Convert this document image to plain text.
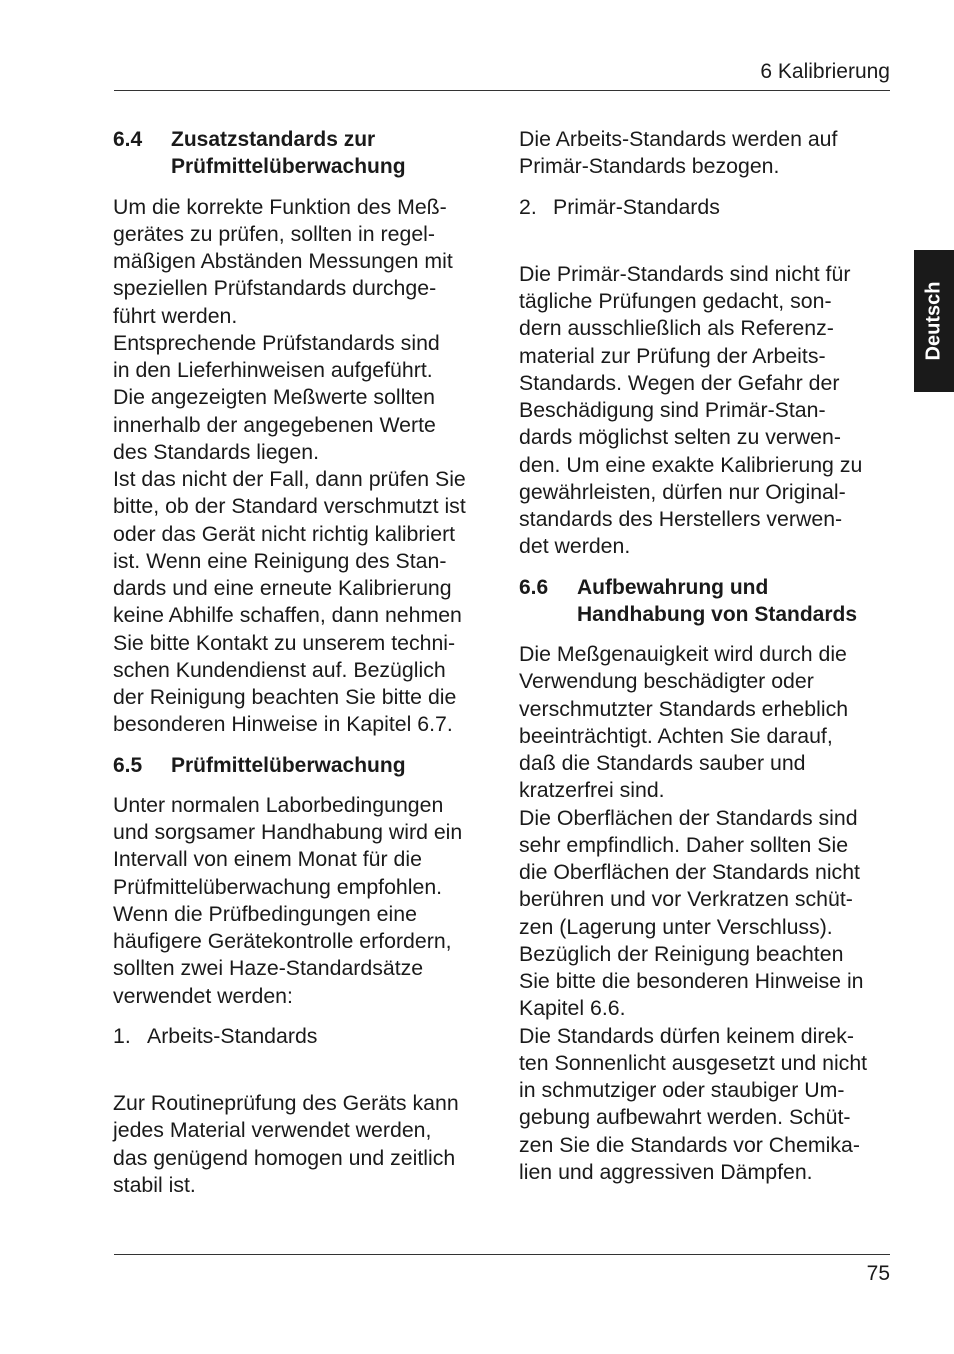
6 Kalibrierung
Deutsch
6.4	Zusatzstandards zur
Prüfmittelüberwachung

Um die korrekte Funktion des Meß-
gerätes zu prüfen, sollten in regel-
mäßigen Abständen Messungen mit
speziellen Prüfstandards durchge-
führt werden.
Entsprechende Prüfstandards sind
in den Lieferhinweisen aufgeführt.
Die angezeigten Meßwerte sollten
innerhalb der angegebenen Werte
des Standards liegen.
Ist das nicht der Fall, dann prüfen Sie
bitte, ob der Standard verschmutzt ist
oder das Gerät nicht richtig kalibriert
ist. Wenn eine Reinigung des Stan-
dards und eine erneute Kalibrierung
keine Abhilfe schaffen, dann nehmen
Sie bitte Kontakt zu unserem techni-
schen Kundendienst auf. Bezüglich
der Reinigung beachten Sie bitte die
besonderen Hinweise in Kapitel 6.7.

6.5	Prüfmittelüberwachung

Unter normalen Laborbedingungen
und sorgsamer Handhabung wird ein
Intervall von einem Monat für die
Prüfmittelüberwachung empfohlen.
Wenn die Prüfbedingungen eine
häufigere Gerätekontrolle erfordern,
sollten zwei Haze-Standardsätze
verwendet werden:

1. Arbeits-Standards

Zur Routineprüfung des Geräts kann
jedes Material verwendet werden,
das genügend homogen und zeitlich
stabil ist.

Die Arbeits-Standards werden auf
Primär-Standards bezogen.

2. Primär-Standards

Die Primär-Standards sind nicht für
tägliche Prüfungen gedacht, son-
dern ausschließlich als Referenz-
material zur Prüfung der Arbeits-
Standards. Wegen der Gefahr der
Beschädigung sind Primär-Stan-
dards möglichst selten zu verwen-
den. Um eine exakte Kalibrierung zu
gewährleisten, dürfen nur Original-
standards des Herstellers verwen-
det werden.

6.6	Aufbewahrung und
Handhabung von Standards

Die Meßgenauigkeit wird durch die
Verwendung beschädigter oder
verschmutzter Standards erheblich
beeinträchtigt. Achten Sie darauf,
daß die Standards sauber und
kratzerfrei sind.
Die Oberflächen der Standards sind
sehr empfindlich. Daher sollten Sie
die Oberflächen der Standards nicht
berühren und vor Verkratzen schüt-
zen (Lagerung unter Verschluss).
Bezüglich der Reinigung beachten
Sie bitte die besonderen Hinweise in
Kapitel 6.6.
Die Standards dürfen keinem direk-
ten Sonnenlicht ausgesetzt und nicht
in schmutziger oder staubiger Um-
gebung aufbewahrt werden. Schüt-
zen Sie die Standards vor Chemika-
lien und aggressiven Dämpfen.

75
